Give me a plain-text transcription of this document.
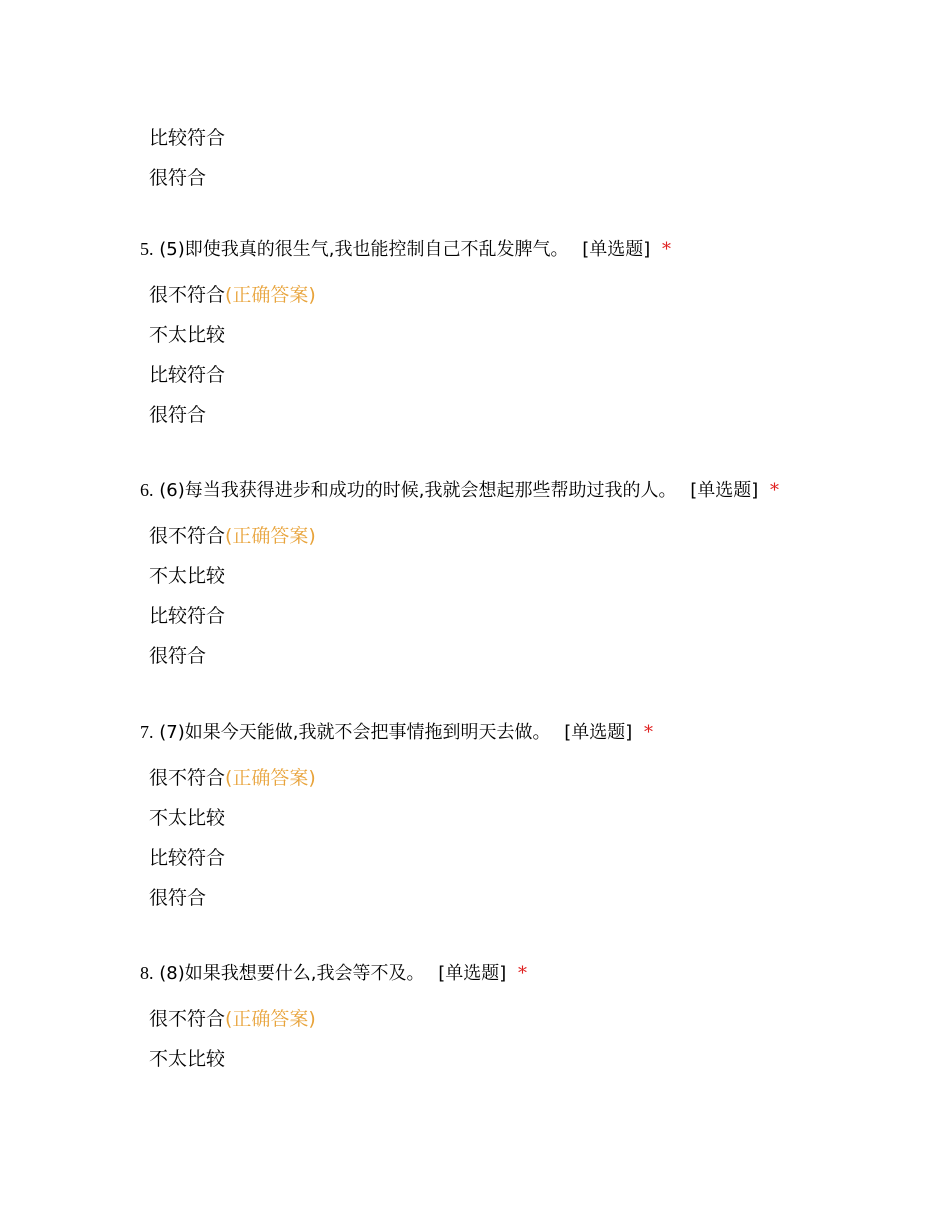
比较符合
很符合
5. (5)即使我真的很生气,我也能控制自己不乱发脾气。 [单选题] *
很不符合(正确答案)
不太比较
比较符合
很符合
6. (6)每当我获得进步和成功的时候,我就会想起那些帮助过我的人。 [单选题] *
很不符合(正确答案)
不太比较
比较符合
很符合
7. (7)如果今天能做,我就不会把事情拖到明天去做。 [单选题] *
很不符合(正确答案)
不太比较
比较符合
很符合
8. (8)如果我想要什么,我会等不及。 [单选题] *
很不符合(正确答案)
不太比较
